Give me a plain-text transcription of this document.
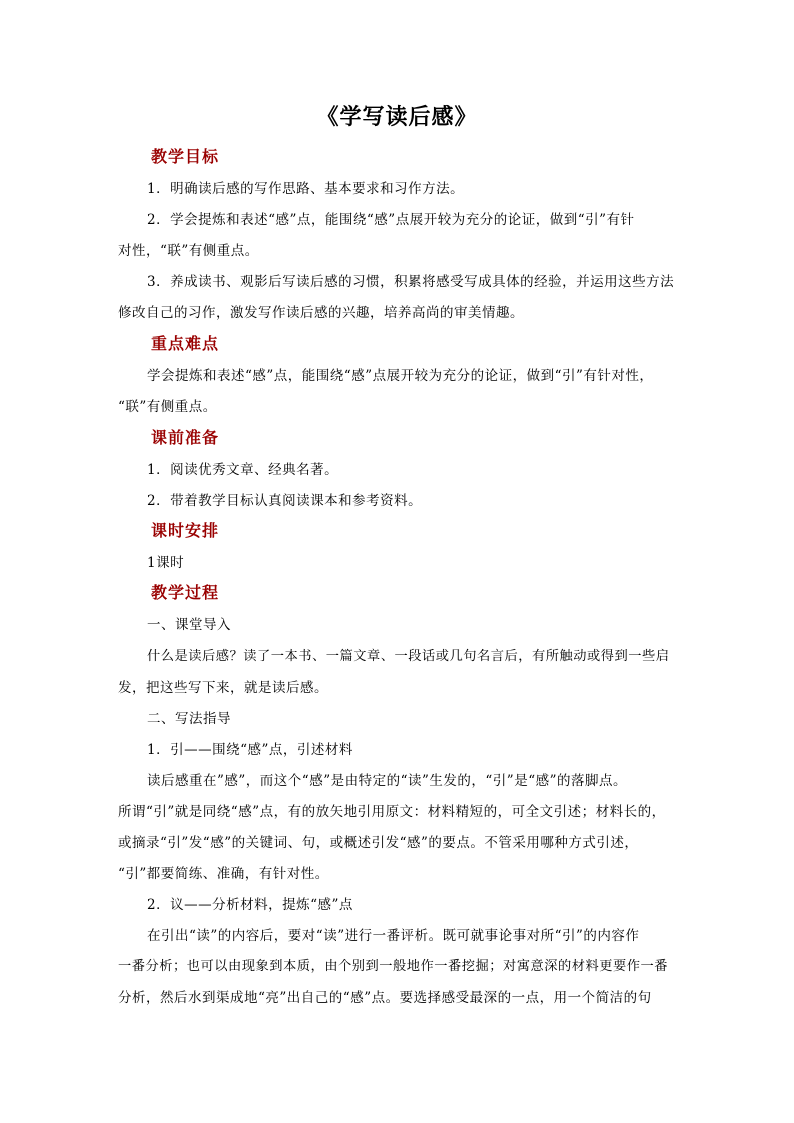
《学写读后感》
教学目标
1．明确读后感的写作思路、基本要求和习作方法。
2．学会提炼和表述“感”点，能围绕“感”点展开较为充分的论证，做到“引”有针
对性，“联”有侧重点。
3．养成读书、观影后写读后感的习惯，积累将感受写成具体的经验，并运用这些方法
修改自己的习作，激发写作读后感的兴趣，培养高尚的审美情趣。
重点难点
学会提炼和表述“感”点，能围绕“感”点展开较为充分的论证，做到“引”有针对性，
“联”有侧重点。
课前准备
1．阅读优秀文章、经典名著。
2．带着教学目标认真阅读课本和参考资料。
课时安排
1课时
教学过程
一、课堂导入
什么是读后感？读了一本书、一篇文章、一段话或几句名言后，有所触动或得到一些启
发，把这些写下来，就是读后感。
二、写法指导
1．引——围绕“感”点，引述材料
读后感重在”感”，而这个“感”是由特定的“读”生发的，“引”是“感”的落脚点。
所谓“引”就是同绕“感”点，有的放矢地引用原文：材料精短的，可全文引述；材料长的，
或摘录“引”发“感”的关键词、句，或概述引发“感”的要点。不管采用哪种方式引述，
“引”都要简练、准确，有针对性。
2．议——分析材料，提炼“感”点
在引出“读”的内容后，要对“读”进行一番评析。既可就事论事对所“引”的内容作
一番分析；也可以由现象到本质，由个别到一般地作一番挖掘；对寓意深的材料更要作一番
分析，然后水到渠成地“亮”出自己的“感”点。要选择感受最深的一点，用一个简洁的句
